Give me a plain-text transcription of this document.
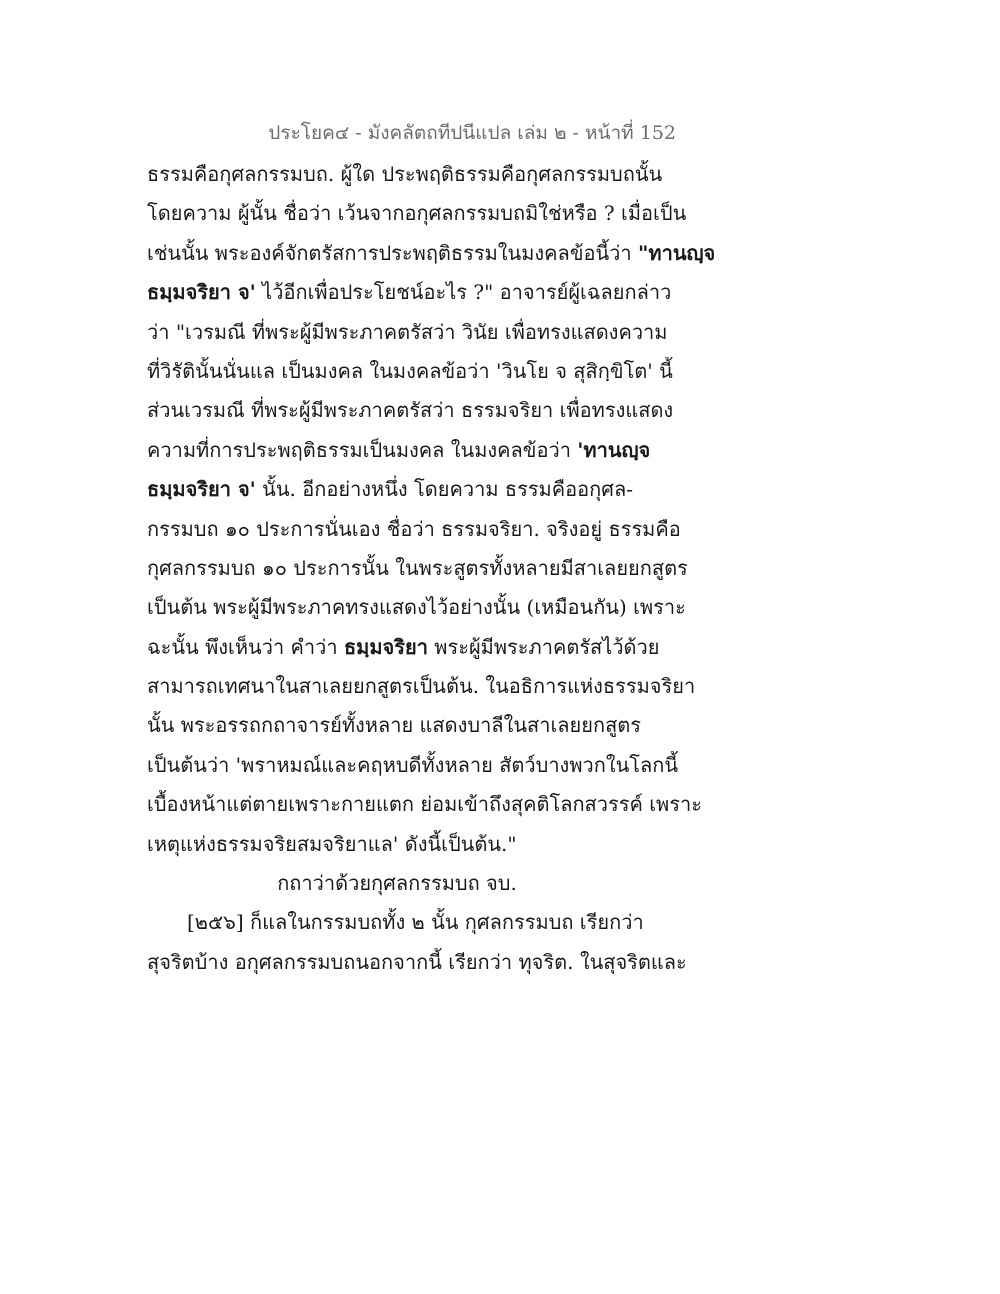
ประโยค๔ - มังคลัตถทีปนีแปล เล่ม ๒ - หน้าที่ 152
ธรรมคือกุศลกรรมบถ. ผู้ใด ประพฤติธรรมคือกุศลกรรมบถนั้น
โดยความ ผู้นั้น ชื่อว่า เว้นจากอกุศลกรรมบถมิใช่หรือ ? เมื่อเป็น
เช่นนั้น พระองค์จักตรัสการประพฤติธรรมในมงคลข้อนี้ว่า "ทานญฺจ
ธมฺมจริยา จ' ไว้อีกเพื่อประโยชน์อะไร ?" อาจารย์ผู้เฉลยกล่าว
ว่า "เวรมณี ที่พระผู้มีพระภาคตรัสว่า วินัย เพื่อทรงแสดงความ
ที่วิรัตินั้นนั่นแล เป็นมงคล ในมงคลข้อว่า 'วินโย จ สุสิกฺขิโต' นี้
ส่วนเวรมณี ที่พระผู้มีพระภาคตรัสว่า ธรรมจริยา เพื่อทรงแสดง
ความที่การประพฤติธรรมเป็นมงคล ในมงคลข้อว่า 'ทานญฺจ
ธมฺมจริยา จ' นั้น. อีกอย่างหนึ่ง โดยความ ธรรมคืออกุศล-
กรรมบถ ๑๐ ประการนั่นเอง ชื่อว่า ธรรมจริยา. จริงอยู่ ธรรมคือ
กุศลกรรมบถ ๑๐ ประการนั้น ในพระสูตรทั้งหลายมีสาเลยยกสูตร
เป็นต้น พระผู้มีพระภาคทรงแสดงไว้อย่างนั้น (เหมือนกัน) เพราะ
ฉะนั้น พึงเห็นว่า คำว่า ธมฺมจริยา พระผู้มีพระภาคตรัสไว้ด้วย
สามารถเทศนาในสาเลยยกสูตรเป็นต้น. ในอธิการแห่งธรรมจริยา
นั้น พระอรรถกถาจารย์ทั้งหลาย แสดงบาลีในสาเลยยกสูตร
เป็นต้นว่า 'พราหมณ์และคฤหบดีทั้งหลาย สัตว์บางพวกในโลกนี้
เบื้องหน้าแต่ตายเพราะกายแตก ย่อมเข้าถึงสุคติโลกสวรรค์ เพราะ
เหตุแห่งธรรมจริยสมจริยาแล' ดังนี้เป็นต้น."
กถาว่าด้วยกุศลกรรมบถ จบ.
[๒๕๖] ก็แลในกรรมบถทั้ง ๒ นั้น กุศลกรรมบถ เรียกว่า
สุจริตบ้าง อกุศลกรรมบถนอกจากนี้ เรียกว่า ทุจริต. ในสุจริตและ
